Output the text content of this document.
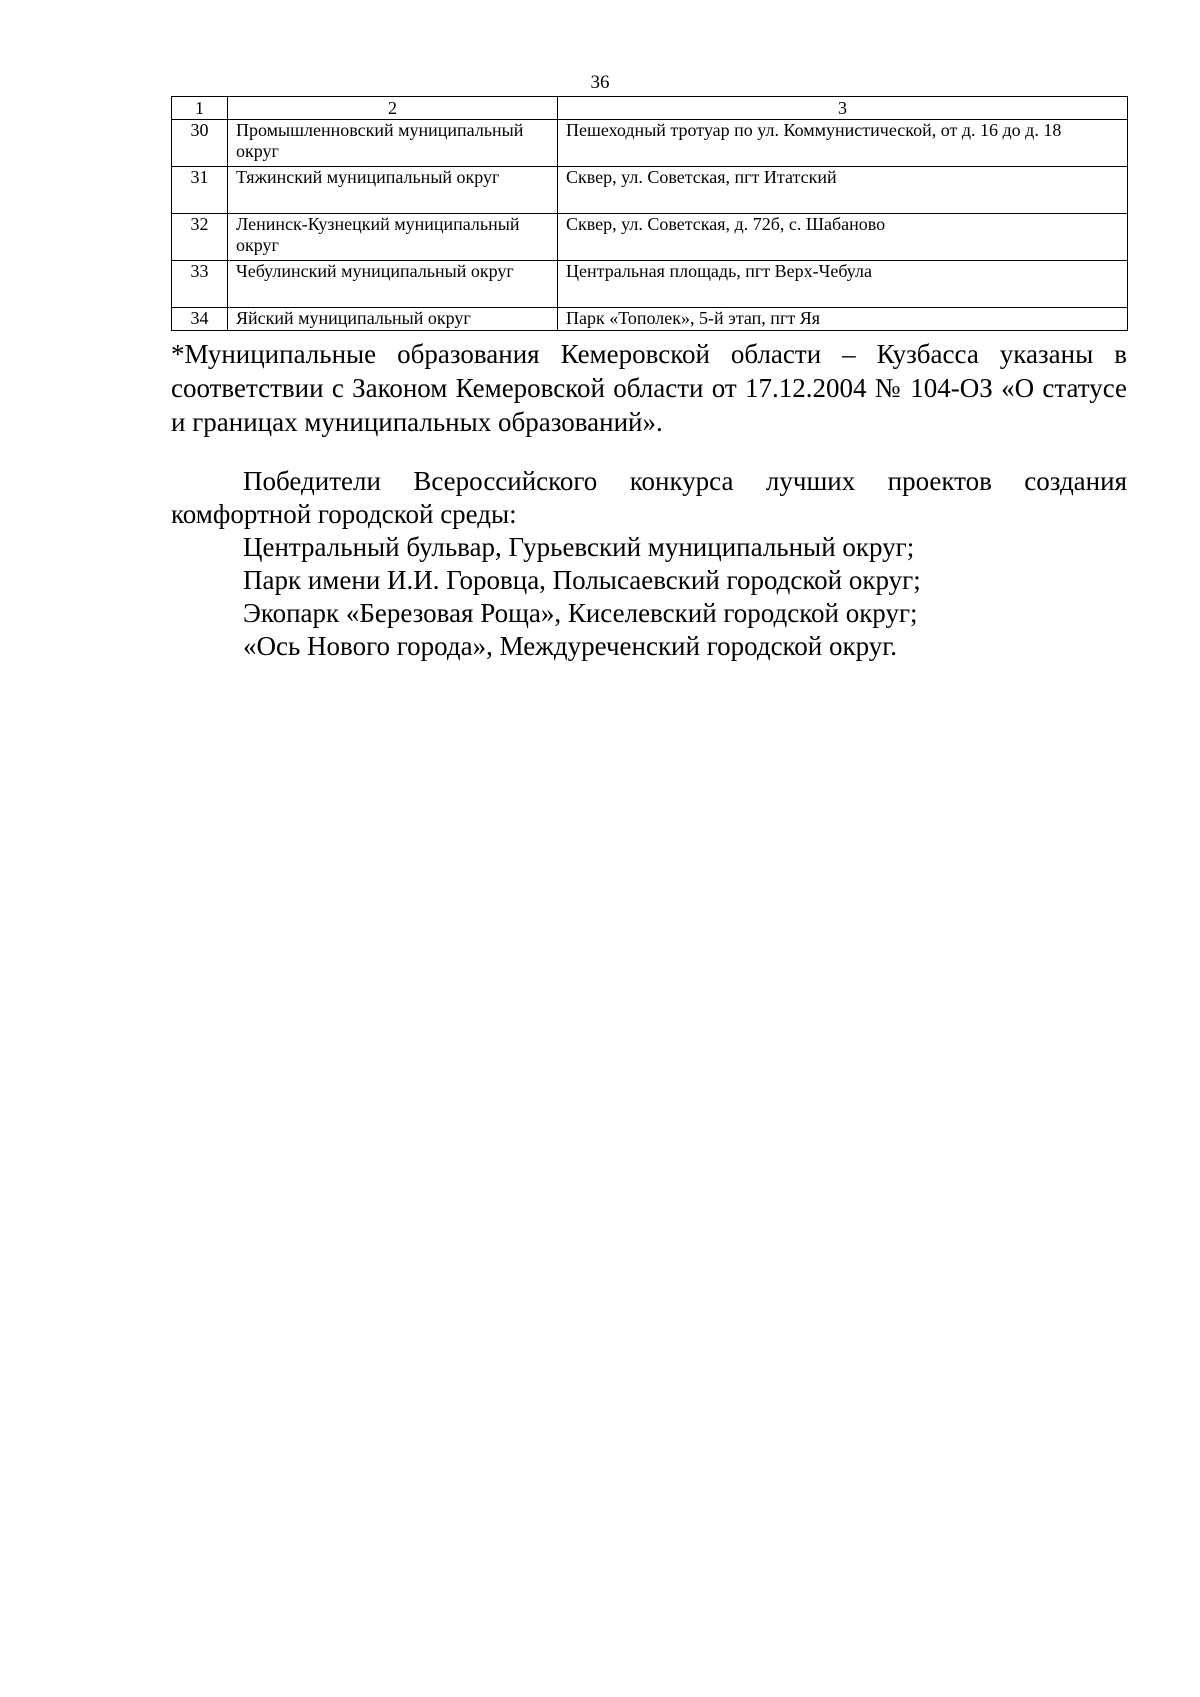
36
1	2	3
30	Промышленновский муниципальный округ	Пешеходный тротуар по ул. Коммунистической, от д. 16 до д. 18
31	Тяжинский муниципальный округ	Сквер, ул. Советская, пгт Итатский
32	Ленинск-Кузнецкий муниципальный округ	Сквер, ул. Советская, д. 72б, с. Шабаново
33	Чебулинский муниципальный округ	Центральная площадь, пгт Верх-Чебула
34	Яйский муниципальный округ	Парк «Тополек», 5-й этап, пгт Яя

*Муниципальные образования Кемеровской области – Кузбасса указаны в соответствии с Законом Кемеровской области от 17.12.2004 № 104-ОЗ «О статусе и границах муниципальных образований».

Победители Всероссийского конкурса лучших проектов создания комфортной городской среды:

Центральный бульвар, Гурьевский муниципальный округ;

Парк имени И.И. Горовца, Полысаевский городской округ;

Экопарк «Березовая Роща», Киселевский городской округ;

«Ось Нового города», Междуреченский городской округ.
